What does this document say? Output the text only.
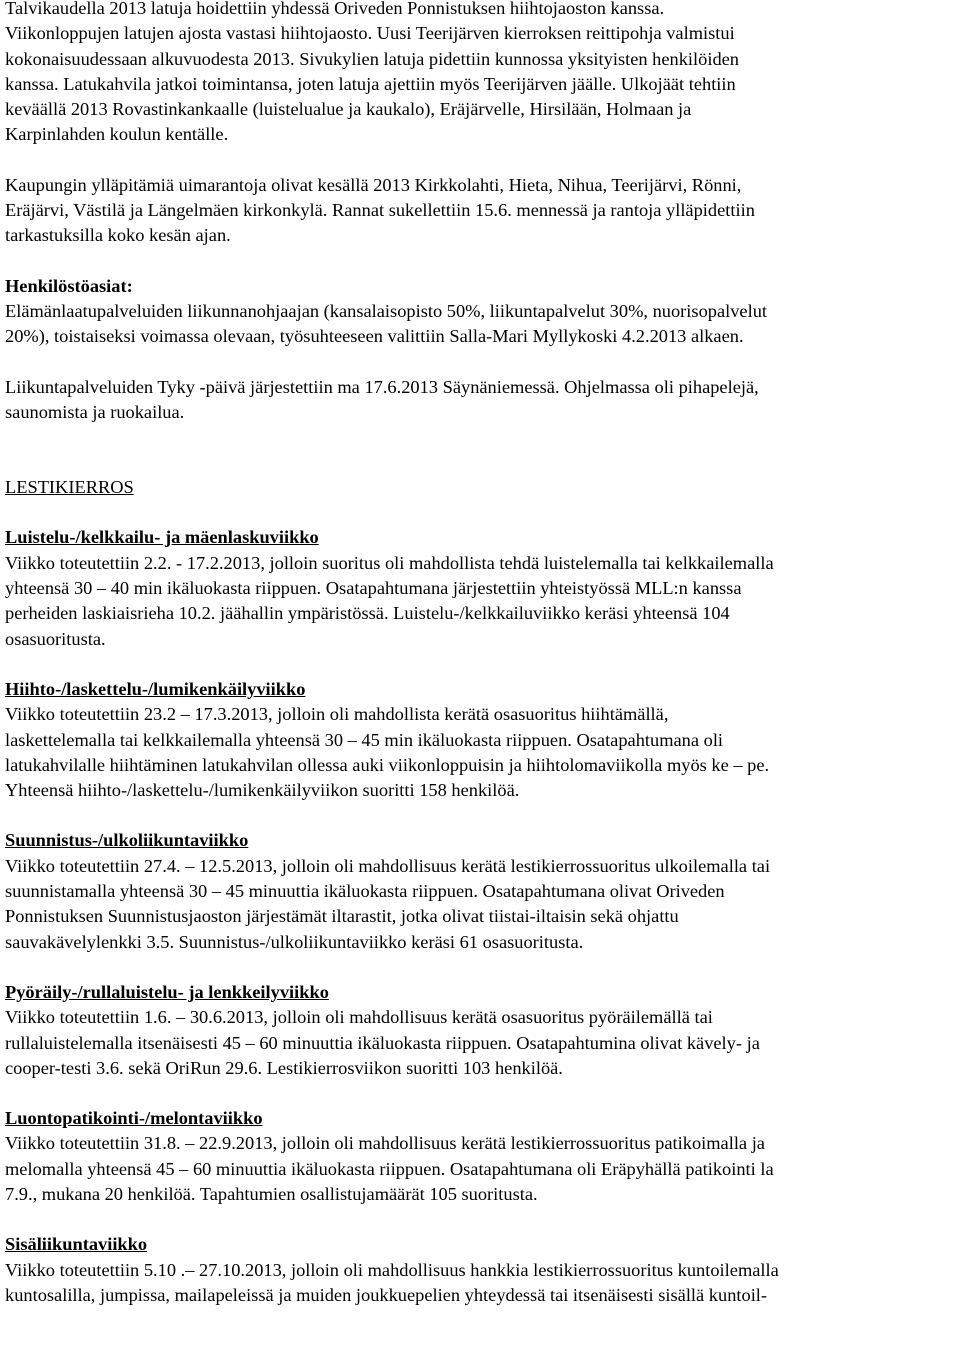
Talvikaudella 2013 latuja hoidettiin yhdessä Oriveden Ponnistuksen hiihtojaoston kanssa.
Viikonloppujen latujen ajosta vastasi hiihtojaosto. Uusi Teerijärven kierroksen reittipohja valmistui
kokonaisuudessaan alkuvuodesta 2013. Sivukylien latuja pidettiin kunnossa yksityisten henkilöiden
kanssa. Latukahvila jatkoi toimintansa, joten latuja ajettiin myös Teerijärven jäälle. Ulkojäät tehtiin
keväällä 2013 Rovastinkankaalle (luistelualue ja kaukalo), Eräjärvelle, Hirsilään, Holmaan ja
Karpinlahden koulun kentälle.

Kaupungin ylläpitämiä uimarantoja olivat kesällä 2013 Kirkkolahti, Hieta, Nihua, Teerijärvi, Rönni,
Eräjärvi, Västilä ja Längelmäen kirkonkylä. Rannat sukellettiin 15.6. mennessä ja rantoja ylläpidettiin
tarkastuksilla koko kesän ajan.

Henkilöstöasiat:

Elämänlaatupalveluiden liikunnanohjaajan (kansalaisopisto 50%, liikuntapalvelut 30%, nuorisopalvelut
20%), toistaiseksi voimassa olevaan, työsuhteeseen valittiin Salla-Mari Myllykoski 4.2.2013 alkaen.

Liikuntapalveluiden Tyky -päivä järjestettiin ma 17.6.2013 Säynäniemessä. Ohjelmassa oli pihapelejä,
saunomista ja ruokailua.

LESTIKIERROS

Luistelu-/kelkkailu- ja mäenlaskuviikko

Viikko toteutettiin 2.2. - 17.2.2013, jolloin suoritus oli mahdollista tehdä luistelemalla tai kelkkailemalla
yhteensä 30 – 40 min ikäluokasta riippuen. Osatapahtumana järjestettiin yhteistyössä MLL:n kanssa
perheiden laskiaisrieha 10.2. jäähallin ympäristössä. Luistelu-/kelkkailuviikko keräsi yhteensä 104
osasuoritusta.

Hiihto-/laskettelu-/lumikenkäilyviikko

Viikko toteutettiin 23.2 – 17.3.2013, jolloin oli mahdollista kerätä osasuoritus hiihtämällä,
laskettelemalla tai kelkkailemalla yhteensä 30 – 45 min ikäluokasta riippuen. Osatapahtumana oli
latukahvilalle hiihtäminen latukahvilan ollessa auki viikonloppuisin ja hiihtolomaviikolla myös ke – pe.
Yhteensä hiihto-/laskettelu-/lumikenkäilyviikon suoritti 158 henkilöä.

Suunnistus-/ulkoliikuntaviikko

Viikko toteutettiin 27.4. – 12.5.2013, jolloin oli mahdollisuus kerätä lestikierrossuoritus ulkoilemalla tai
suunnistamalla yhteensä 30 – 45 minuuttia ikäluokasta riippuen. Osatapahtumana olivat Oriveden
Ponnistuksen Suunnistusjaoston järjestämät iltarastit, jotka olivat tiistai-iltaisin sekä ohjattu
sauvakävelylenkki 3.5. Suunnistus-/ulkoliikuntaviikko keräsi 61 osasuoritusta.

Pyöräily-/rullaluistelu- ja lenkkeilyviikko

Viikko toteutettiin 1.6. – 30.6.2013, jolloin oli mahdollisuus kerätä osasuoritus pyöräilemällä tai
rullaluistelemalla itsenäisesti 45 – 60 minuuttia ikäluokasta riippuen. Osatapahtumina olivat kävely- ja
cooper-testi 3.6. sekä OriRun 29.6. Lestikierrosviikon suoritti 103 henkilöä.

Luontopatikointi-/melontaviikko

Viikko toteutettiin 31.8. – 22.9.2013, jolloin oli mahdollisuus kerätä lestikierrossuoritus patikoimalla ja
melomalla yhteensä 45 – 60 minuuttia ikäluokasta riippuen. Osatapahtumana oli Eräpyhällä patikointi la
7.9., mukana 20 henkilöä. Tapahtumien osallistujamäärät 105 suoritusta.

Sisäliikuntaviikko

Viikko toteutettiin 5.10 .– 27.10.2013, jolloin oli mahdollisuus hankkia lestikierrossuoritus kuntoilemalla
kuntosalilla, jumpissa, mailapeleissä ja muiden joukkuepelien yhteydessä tai itsenäisesti sisällä kuntoil-
